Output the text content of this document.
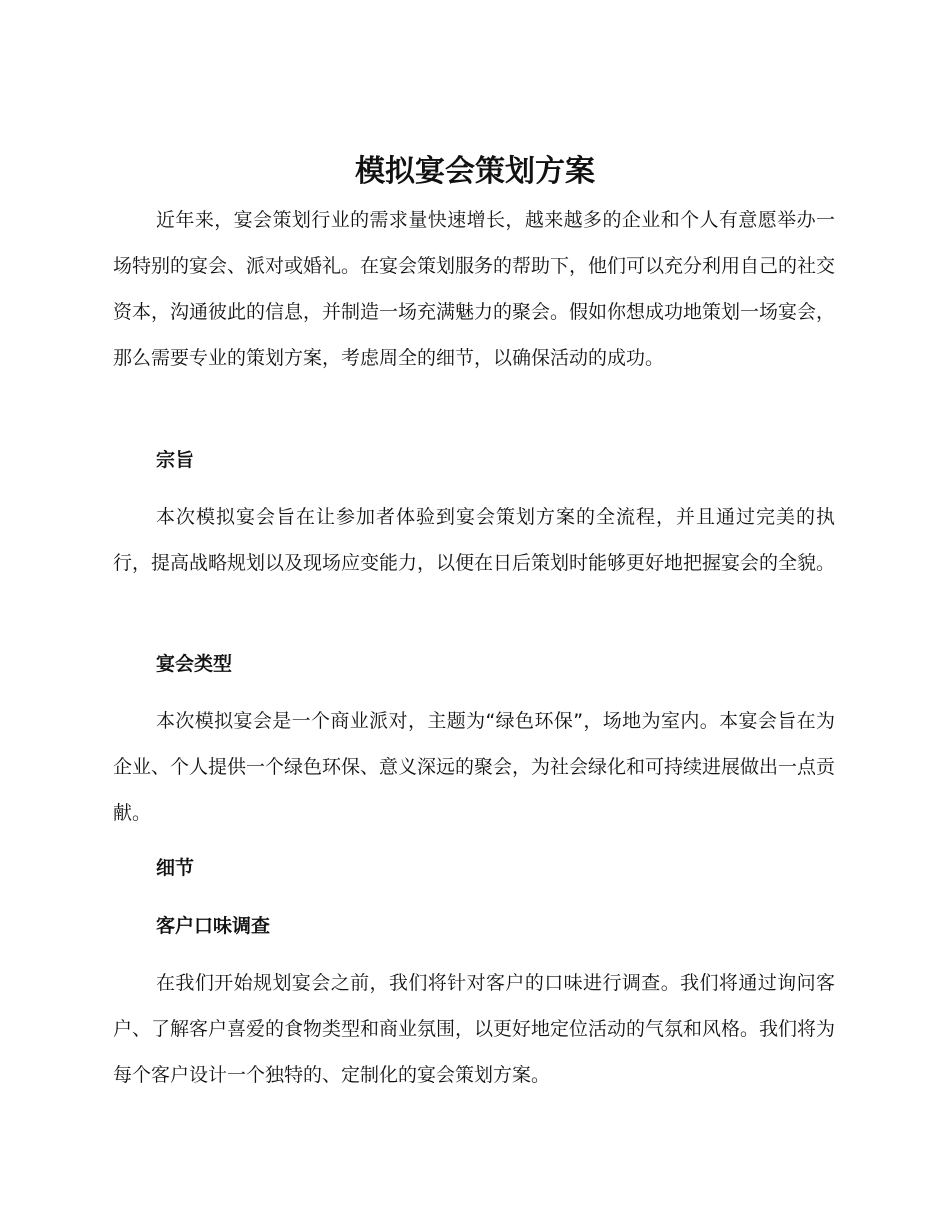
模拟宴会策划方案

近年来，宴会策划行业的需求量快速增长，越来越多的企业和个人有意愿举办一场特别的宴会、派对或婚礼。在宴会策划服务的帮助下，他们可以充分利用自己的社交资本，沟通彼此的信息，并制造一场充满魅力的聚会。假如你想成功地策划一场宴会，那么需要专业的策划方案，考虑周全的细节，以确保活动的成功。

宗旨

本次模拟宴会旨在让参加者体验到宴会策划方案的全流程，并且通过完美的执行，提高战略规划以及现场应变能力，以便在日后策划时能够更好地把握宴会的全貌。

宴会类型

本次模拟宴会是一个商业派对，主题为“绿色环保”，场地为室内。本宴会旨在为企业、个人提供一个绿色环保、意义深远的聚会，为社会绿化和可持续进展做出一点贡献。

细节
客户口味调查

在我们开始规划宴会之前，我们将针对客户的口味进行调查。我们将通过询问客户、了解客户喜爱的食物类型和商业氛围，以更好地定位活动的气氛和风格。我们将为每个客户设计一个独特的、定制化的宴会策划方案。
